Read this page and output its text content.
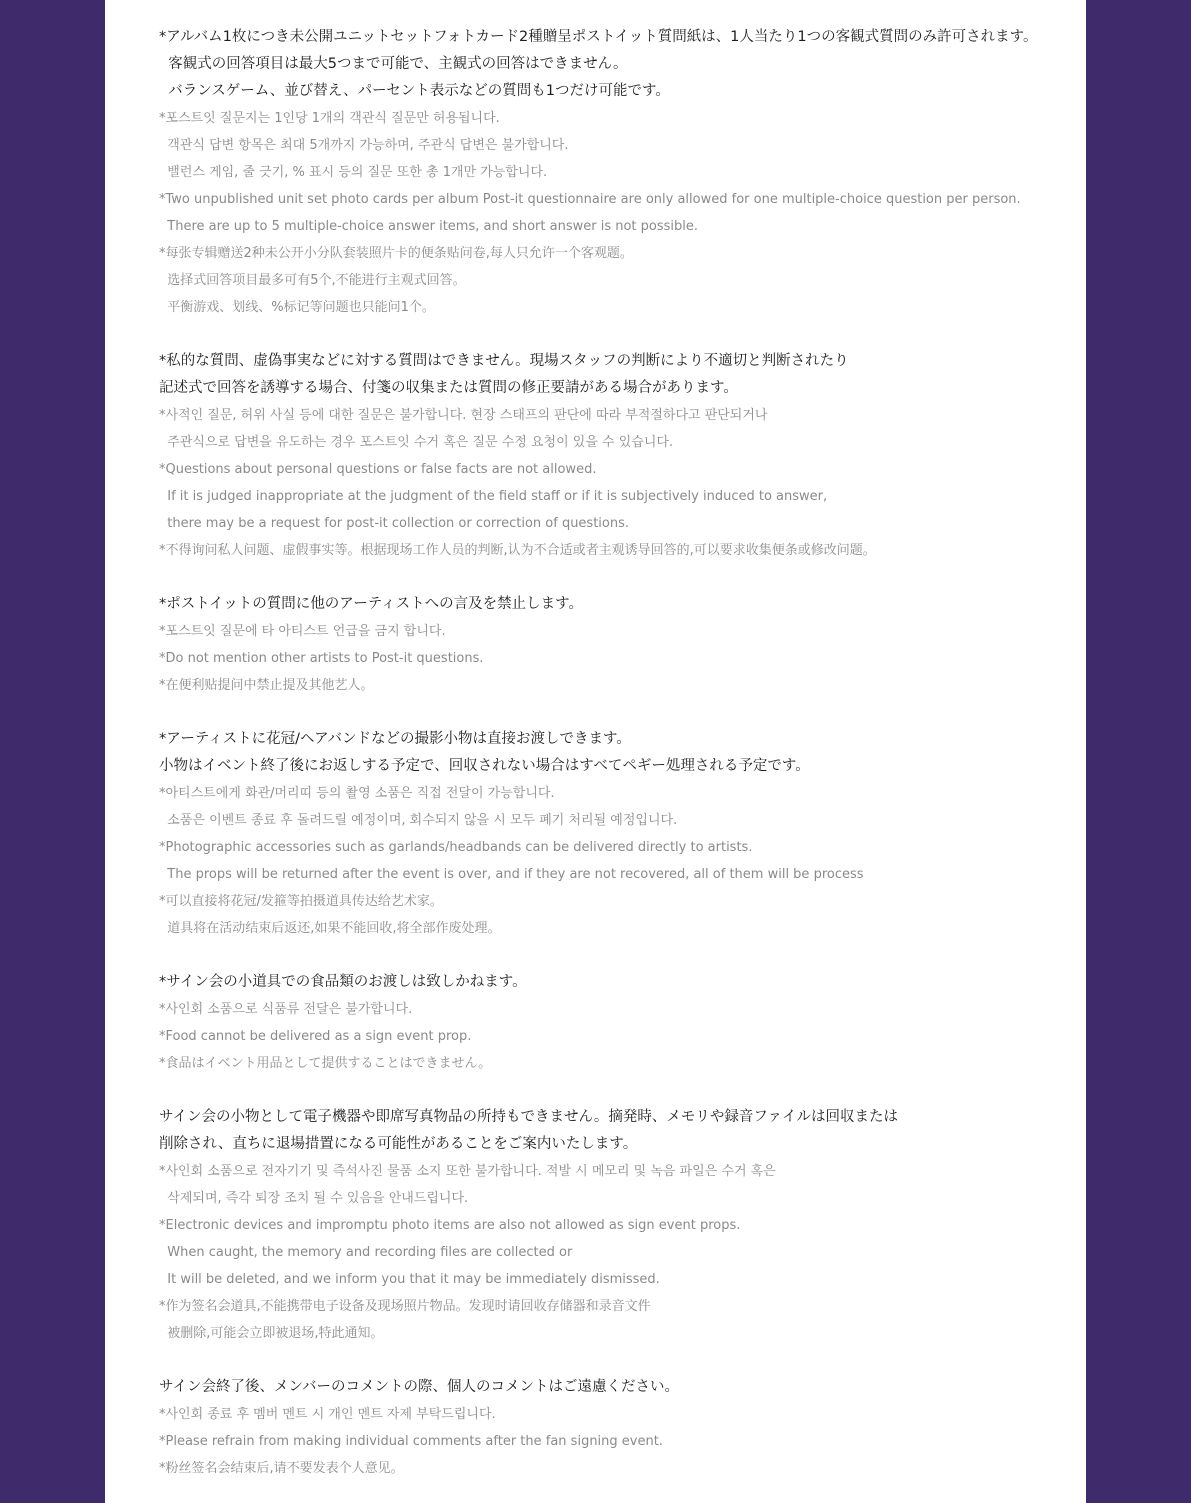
*アルバム1枚につき未公開ユニットセットフォトカード2種贈呈ポストイット質問紙は、1人当たり1つの客観式質問のみ許可されます。
客観式の回答項目は最大5つまで可能で、主観式の回答はできません。
バランスゲーム、並び替え、パーセント表示などの質問も1つだけ可能です。
*포스트잇 질문지는 1인당 1개의 객관식 질문만 허용됩니다.
객관식 답변 항목은 최대 5개까지 가능하며, 주관식 답변은 불가합니다.
밸런스 게임, 줄 긋기, % 표시 등의 질문 또한 총 1개만 가능합니다.
*Two unpublished unit set photo cards per album Post-it questionnaire are only allowed for one multiple-choice question per person.
There are up to 5 multiple-choice answer items, and short answer is not possible.
*每张专辑赠送2种未公开小分队套装照片卡的便条贴问卷,每人只允许一个客观题。
选择式回答项目最多可有5个,不能进行主观式回答。
平衡游戏、划线、%标记等问题也只能问1个。
*私的な質問、虚偽事実などに対する質問はできません。現場スタッフの判断により不適切と判断されたり
記述式で回答を誘導する場合、付箋の収集または質問の修正要請がある場合があります。
*사적인 질문, 허위 사실 등에 대한 질문은 불가합니다. 현장 스태프의 판단에 따라 부적절하다고 판단되거나
주관식으로 답변을 유도하는 경우 포스트잇 수거 혹은 질문 수정 요청이 있을 수 있습니다.
*Questions about personal questions or false facts are not allowed.
If it is judged inappropriate at the judgment of the field staff or if it is subjectively induced to answer,
there may be a request for post-it collection or correction of questions.
*不得询问私人问题、虚假事实等。根据现场工作人员的判断,认为不合适或者主观诱导回答的,可以要求收集便条或修改问题。
*ポストイットの質問に他のアーティストへの言及を禁止します。
*포스트잇 질문에 타 아티스트 언급을 금지 합니다.
*Do not mention other artists to Post-it questions.
*在便利贴提问中禁止提及其他艺人。
*アーティストに花冠/ヘアバンドなどの撮影小物は直接お渡しできます。
小物はイベント終了後にお返しする予定で、回収されない場合はすべてペギー処理される予定です。
*아티스트에게 화관/머리띠 등의 촬영 소품은 직접 전달이 가능합니다.
소품은 이벤트 종료 후 돌려드릴 예정이며, 회수되지 않을 시 모두 폐기 처리될 예정입니다.
*Photographic accessories such as garlands/headbands can be delivered directly to artists.
The props will be returned after the event is over, and if they are not recovered, all of them will be process
*可以直接将花冠/发箍等拍摄道具传达给艺术家。
道具将在活动结束后返还,如果不能回收,将全部作废处理。
*サイン会の小道具での食品類のお渡しは致しかねます。
*사인회 소품으로 식품류 전달은 불가합니다.
*Food cannot be delivered as a sign event prop.
*食品はイベント用品として提供することはできません。
サイン会の小物として電子機器や即席写真物品の所持もできません。摘発時、メモリや録音ファイルは回収または
削除され、直ちに退場措置になる可能性があることをご案内いたします。
*사인회 소품으로 전자기기 및 즉석사진 물품 소지 또한 불가합니다. 적발 시 메모리 및 녹음 파일은 수거 혹은
삭제되며, 즉각 퇴장 조치 될 수 있음을 안내드립니다.
*Electronic devices and impromptu photo items are also not allowed as sign event props.
When caught, the memory and recording files are collected or
It will be deleted, and we inform you that it may be immediately dismissed.
*作为签名会道具,不能携带电子设备及现场照片物品。发现时请回收存储器和录音文件
被删除,可能会立即被退场,特此通知。
サイン会終了後、メンバーのコメントの際、個人のコメントはご遠慮ください。
*사인회 종료 후 멤버 멘트 시 개인 멘트 자제 부탁드립니다.
*Please refrain from making individual comments after the fan signing event.
*粉丝签名会结束后,请不要发表个人意见。
